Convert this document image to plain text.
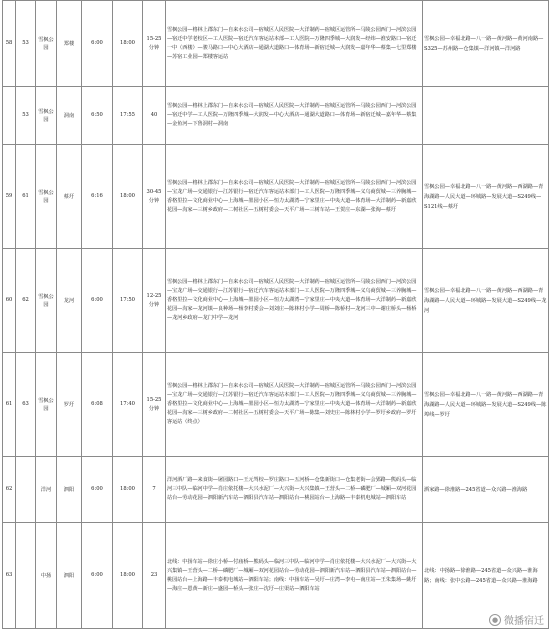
58	53	雪枫公园	郑楼	6:00	18:00	15-25分钟	雪枫公园—格林上郡东门—自来水公司—宿城区人民医院—大洋制药—宿城区运管所—马陵公园西门—河滨公园—宿迁中学老校区—工人医院—宿迁汽车客运站本部—工人医院—万隆四季城—大润发—经纬—淮安路口—宿迁一中（西楼）—骏马路口—中心大酒店—通湖大道路口—体育场—新宿迁城—大润发—嘉年华—蔡集—七里郑楼—苏宿工业园—郑楼客运站	雪枫公园—幸福北路—八一路—黄河路—黄河南路—S325—苏州路—仓集镇—洋河镇—洋河路
	53	雪枫公园	洞南	6:50	17:55	40	雪枫公园—格林上郡东门—自来水公司—宿城区人民医院—大洋制药—宿城区运管所—马陵公园西门—河滨公园—宿迁中学—工人医院—万隆四季城—大润发—中心大酒店—通湖大道路口—体育场—新宿迁城—嘉年华—蔡集—金鱼河—下鲁洞村—洞南	
59	61	雪枫公园	蔡圩	6:16	18:00	30-45分钟	雪枫公园—格林上郡东门—自来水公司—宿城区人民医院—大洋制药—宿城区运管所—马陵公园西门—河滨公园—宝龙广场—交通银行—江苏银行—宿迁汽车客运站本部门—工人医院—万隆四季城—义乌商贸城—三养胸城—香格里拉—文化商业中心—上海城—墨园小区—恒力太湖湾—宁家里庄—中央大道—体育场—大洋制药—新嘉欣花园—沟家—三树乡政府—二树社区—五树村委会—天平广场—三树车站—王贺庄—东湖—张淘—蔡圩	雪枫公园—幸福北路—八一路—黄河路—西湖路—青海湖路—人民大道—环城路—发展大道—S249线—S121线—蔡圩
60	62	雪枫公园	龙河	6:00	17:50	12-25分钟	雪枫公园—格林上郡东门—自来水公司—宿城区人民医院—大洋制药—宿城区运管所—马陵公园西门—河滨公园—宝龙广场—交通银行—江苏银行—宿迁汽车客运站本部门—工人医院—万隆四季城—义乌商贸城—三养胸城—香格里拉—文化商业中心—上海城—墨园小区—恒力太湖湾—宁家里庄—中央大道—体育场—大洋制药—新嘉欣花园—沟家—龙河镇—良种场—杨李村委会—刘刘庄—陈林村小学—周桥—陈桥村—龙河三中—谢庄桥头—杨桥—龙河乡政府—龙门中学—龙河	雪枫公园—幸福北路—八一路—黄河路—西湖路—青海湖路—人民大道—环城路—发展大道—S249线—龙河
61	63	雪枫公园	罗圩	6:08	17:40	15-25分钟	雪枫公园—格林上郡东门—自来水公司—宿城区人民医院—大洋制药—宿城区运管所—马陵公园西门—河滨公园—宝龙广场—交通银行—江苏银行—宿迁汽车客运站本部门—工人医院—万隆四季城—义乌商贸城—三养胸城—香格里拉—文化商业中心—上海城—墨园小区—恒力太湖湾—宁家里庄—中央大道—体育场—大洋制药—新嘉欣花园—沟家—三树乡政府—二树社区—五树村委会—天平广场—陈集—刘史庄—陈林村小学—罗圩乡政府—罗圩客运站（终点）	雪枫公园—幸福北路—八一路—黄河路—西湖路—青海湖路—人民大道—环城路—发展大道—S249线—陈埠线—罗圩
62		洋河	泗阳	6:00	18:00	7	洋河酒厂路—来食街—屠园路口—王元驾校—罗庄路口—五河桥—仓集新街口—仓集老街—会郢路—熊码头—临河三中队—临河中学—肖庄依托楼—大兴水泥厂—大兴街—大兴集镇—王营头—二桥—磷肥厂—城厢—双河花园站台—劳动花园—泗阳新汽车站—泗阳县汽车站—泗阳站台—桃园站台—上海路—丰泰机电城站—泗阳车站	洒家路—徐淮路—245省道—众兴路—淮海路
63		中扬	泗阳	6:00	18:00	23	北线：中扬车站—徐庄小桥—付庙桥—熊码头—临河三中队—临河中学—肖庄依托楼—大兴水泥厂—大兴街—大兴集镇—王营头—二桥—磷肥厂—城厢—双河花园站台—劳动花园—泗阳新汽车站—泗阳县汽车站—泗阳站台—桃园站台—上海路—丰泰机电城站—泗阳车站；南线：中扬车站—吴圩—庄湾—李屯—南庄站—王朱集场—姚圩—海庄—恩黄—新庄—盛园—桥头—张庄—沈圩—庄渠站—泗阳车站	北线：中扬路—徐淮路—245省道—众兴路—淮海路；南线：张中公路—245省道—众兴路—淮海路
● 微播宿迁
